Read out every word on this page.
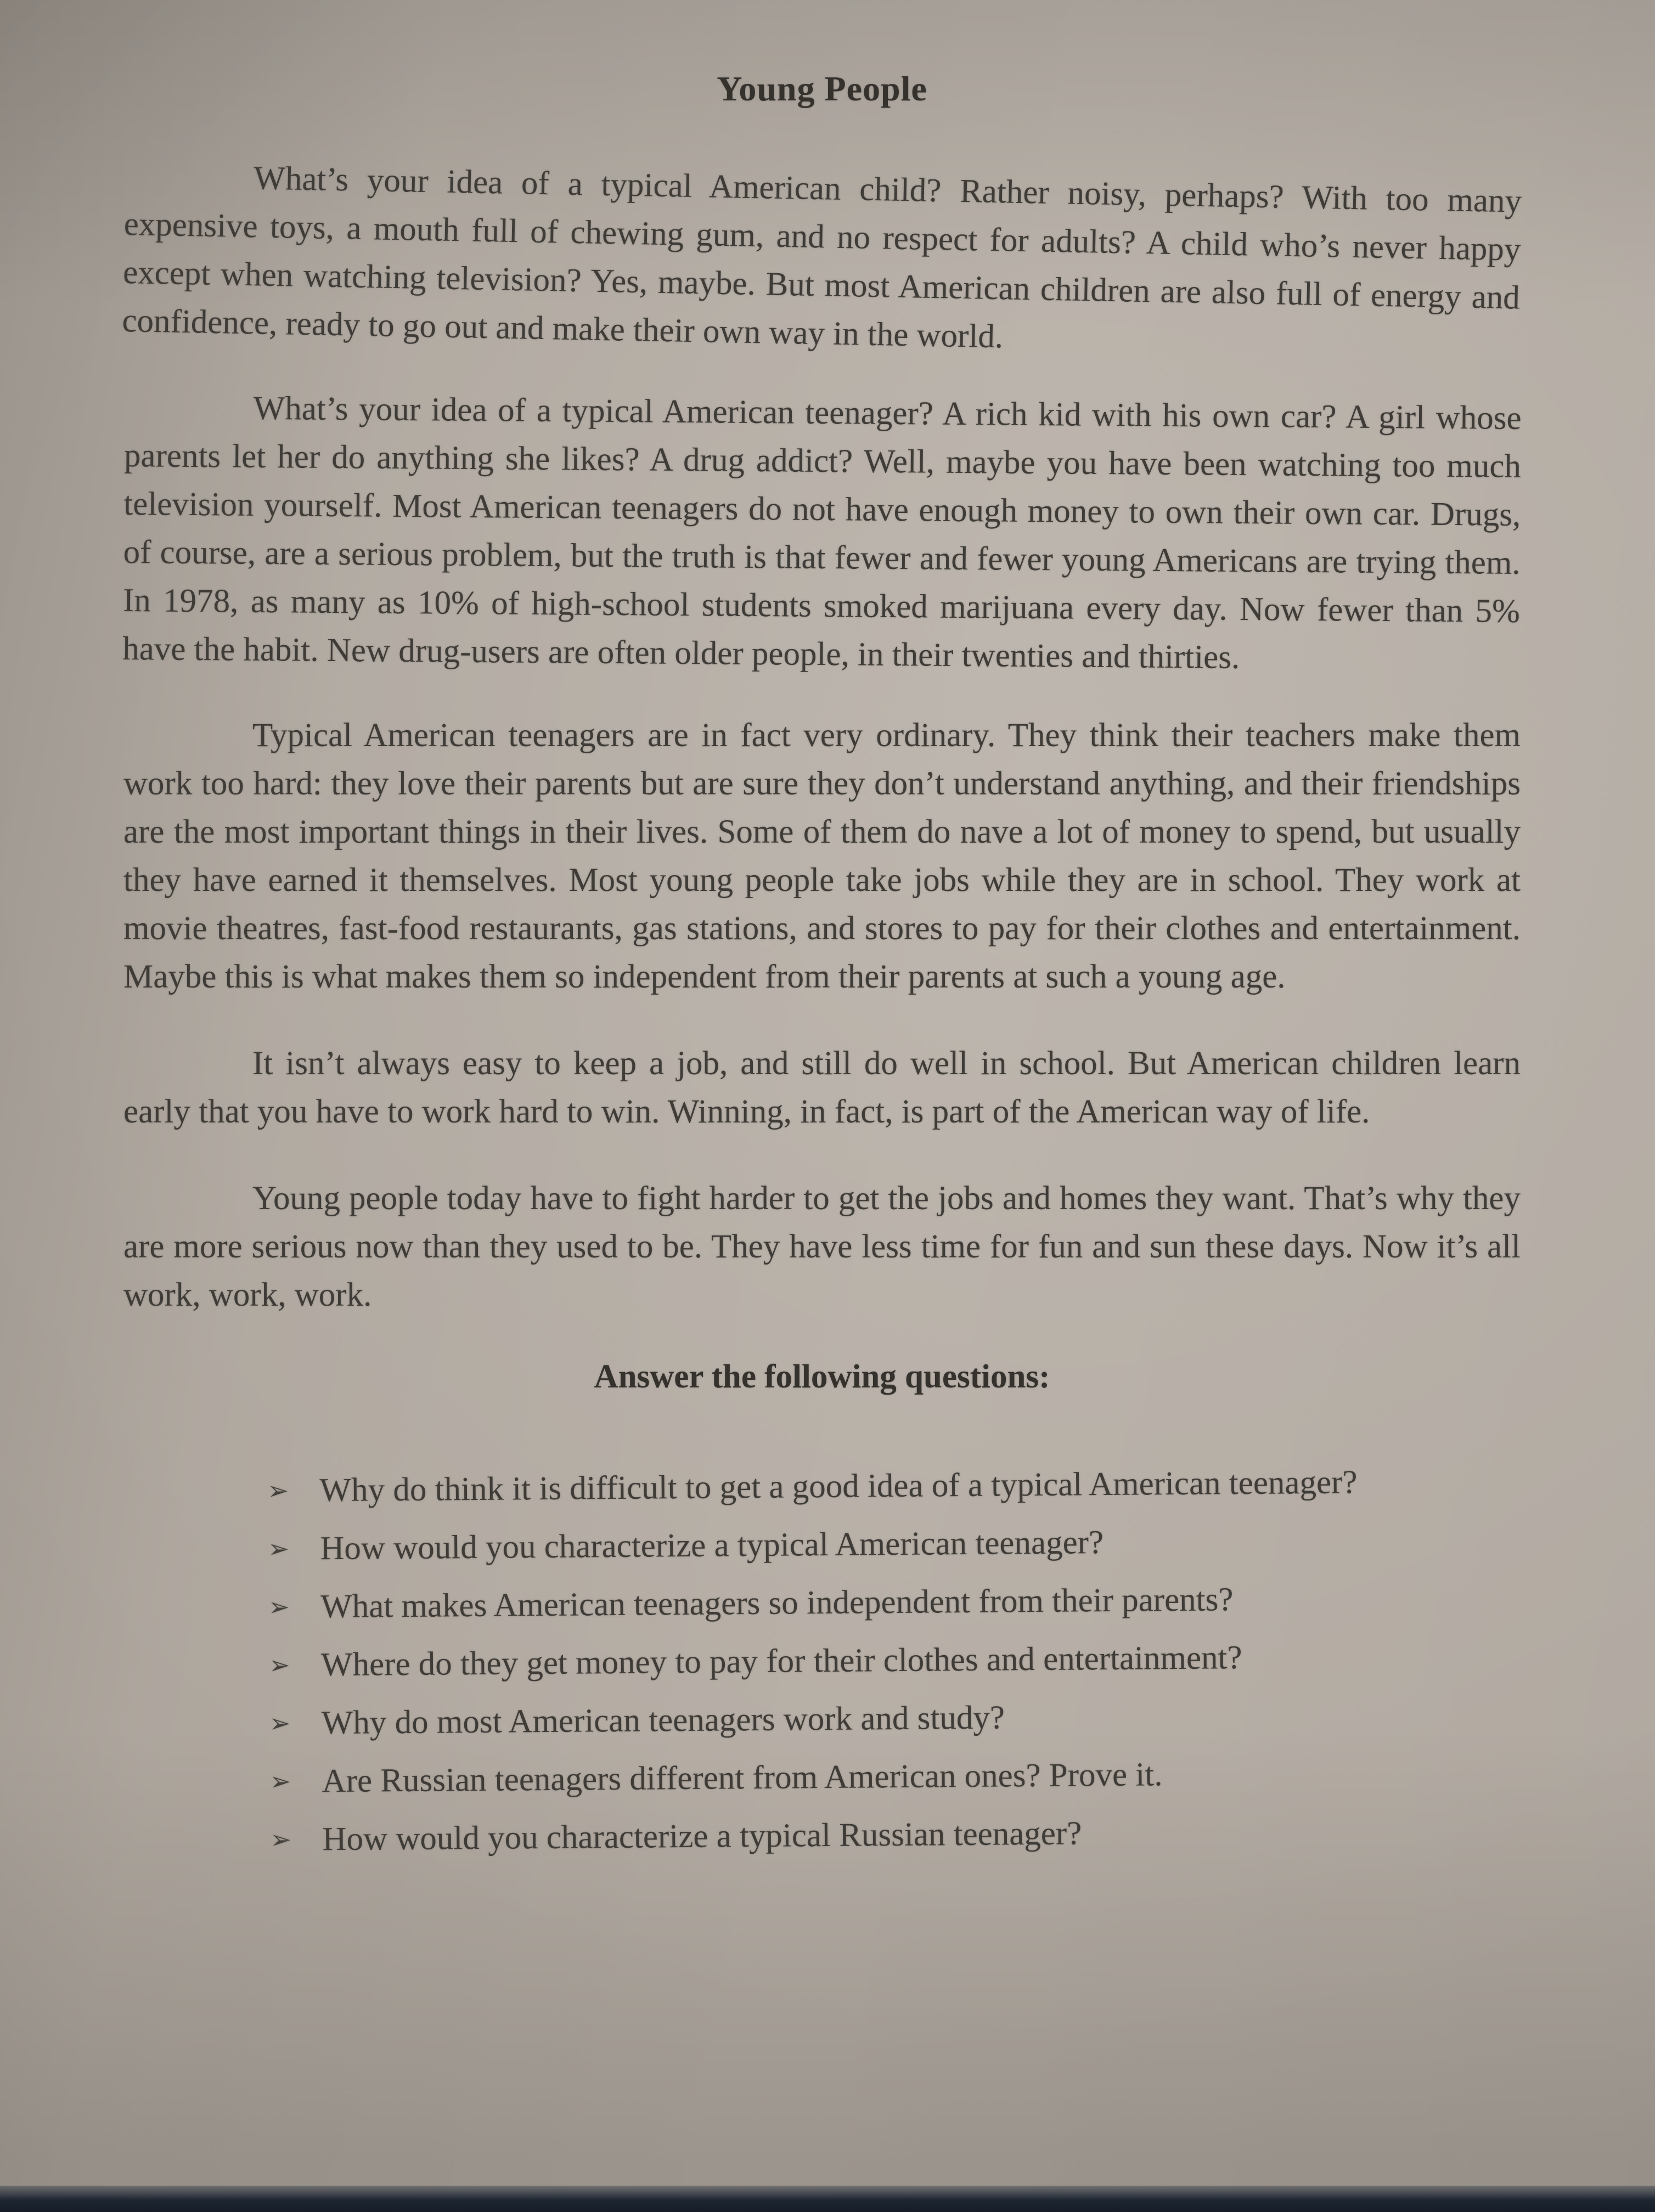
Young People

What’s your idea of a typical American child? Rather noisy, perhaps? With too many expensive toys, a mouth full of chewing gum, and no respect for adults? A child who’s never happy except when watching television? Yes, maybe. But most American children are also full of energy and confidence, ready to go out and make their own way in the world.

What’s your idea of a typical American teenager? A rich kid with his own car? A girl whose parents let her do anything she likes? A drug addict? Well, maybe you have been watching too much television yourself. Most American teenagers do not have enough money to own their own car. Drugs, of course, are a serious problem, but the truth is that fewer and fewer young Americans are trying them. In 1978, as many as 10% of high-school students smoked marijuana every day. Now fewer than 5% have the habit. New drug-users are often older people, in their twenties and thirties.

Typical American teenagers are in fact very ordinary. They think their teachers make them work too hard: they love their parents but are sure they don’t understand anything, and their friendships are the most important things in their lives. Some of them do nave a lot of money to spend, but usually they have earned it themselves. Most young people take jobs while they are in school. They work at movie theatres, fast-food restaurants, gas stations, and stores to pay for their clothes and entertainment. Maybe this is what makes them so independent from their parents at such a young age.

It isn’t always easy to keep a job, and still do well in school. But American children learn early that you have to work hard to win. Winning, in fact, is part of the American way of life.

Young people today have to fight harder to get the jobs and homes they want. That’s why they are more serious now than they used to be. They have less time for fun and sun these days. Now it’s all work, work, work.

Answer the following questions:
➢ Why do think it is difficult to get a good idea of a typical American teenager?
➢ How would you characterize a typical American teenager?
➢ What makes American teenagers so independent from their parents?
➢ Where do they get money to pay for their clothes and entertainment?
➢ Why do most American teenagers work and study?
➢ Are Russian teenagers different from American ones? Prove it.
➢ How would you characterize a typical Russian teenager?
